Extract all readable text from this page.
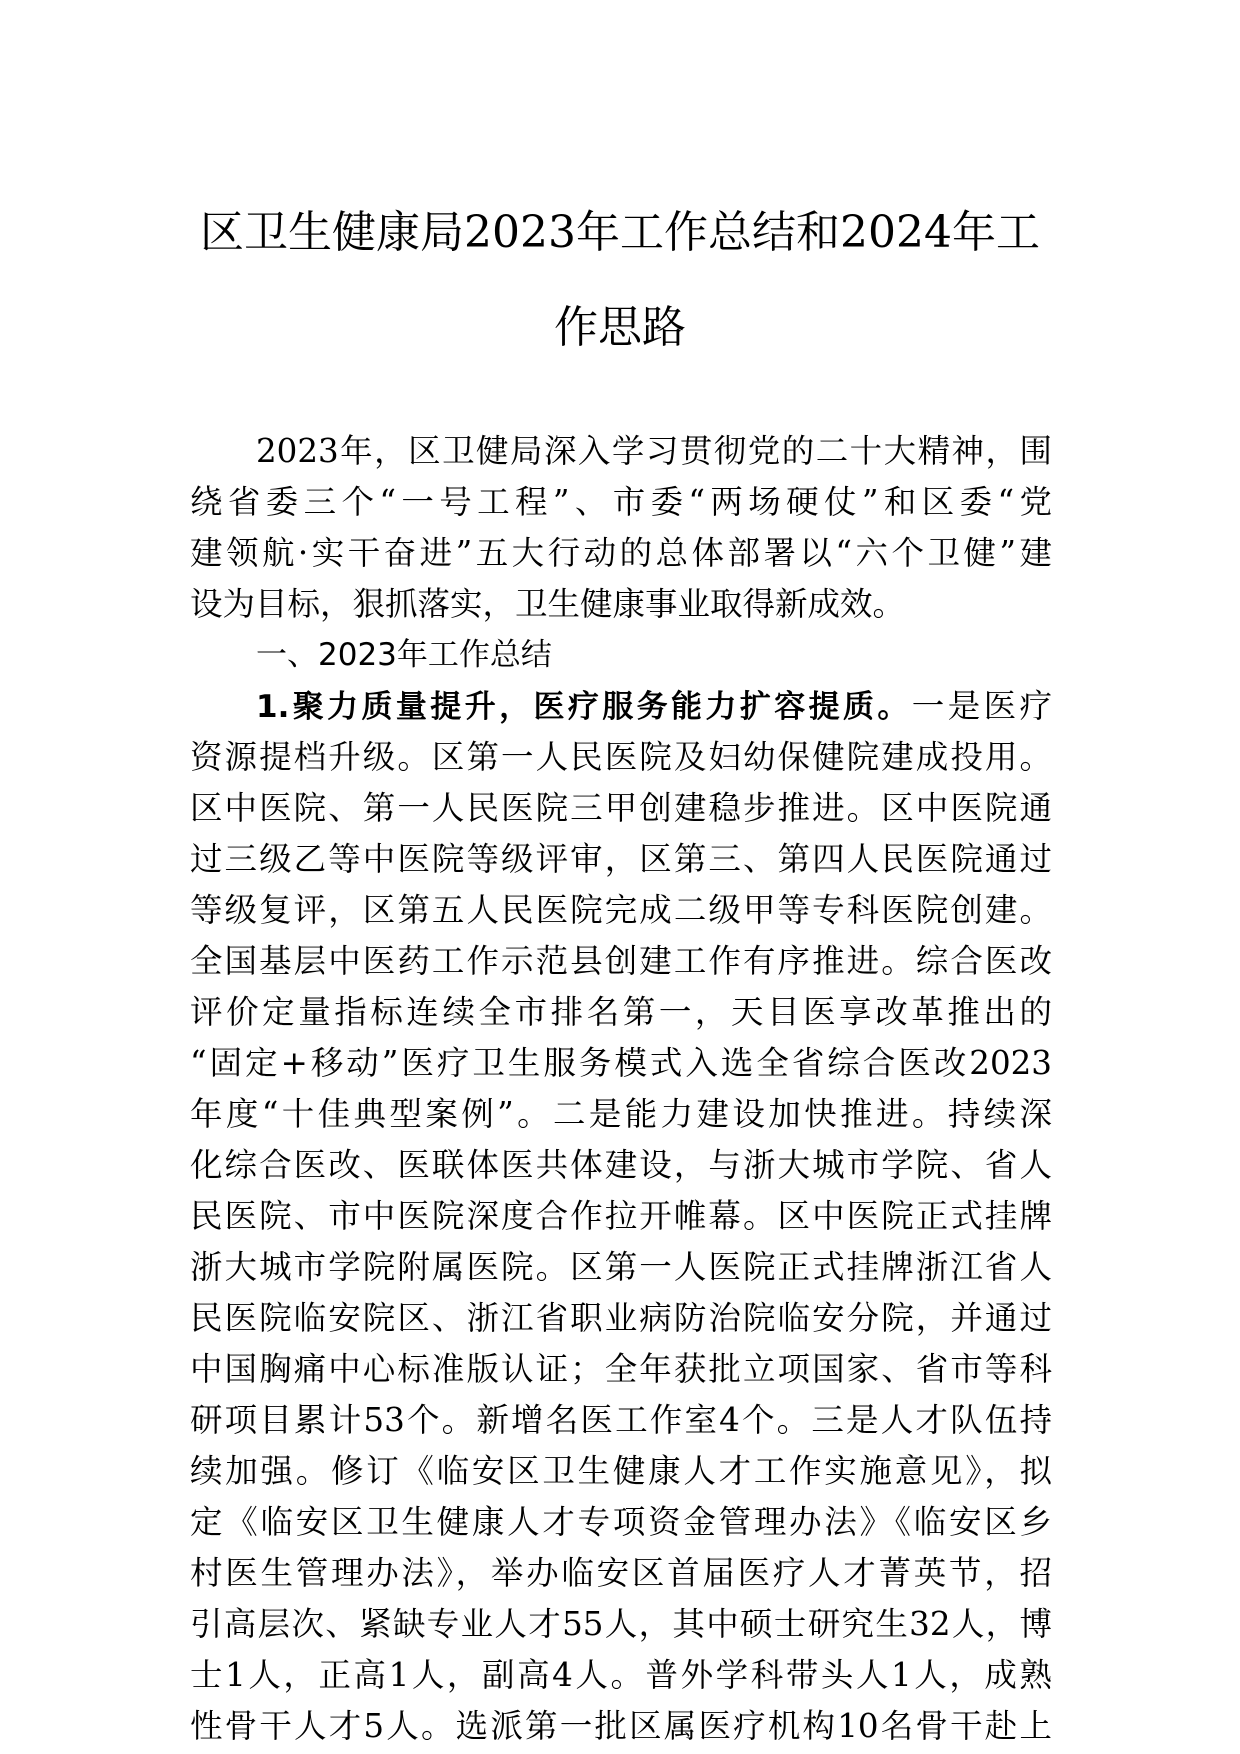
区卫生健康局2023年工作总结和2024年工
作思路
2023年，区卫健局深入学习贯彻党的二十大精神，围
绕省委三个“一号工程”、市委“两场硬仗”和区委“党
建领航·实干奋进”五大行动的总体部署以“六个卫健”建
设为目标，狠抓落实，卫生健康事业取得新成效。
一、2023年工作总结
1.聚力质量提升，医疗服务能力扩容提质。一是医疗
资源提档升级。区第一人民医院及妇幼保健院建成投用。
区中医院、第一人民医院三甲创建稳步推进。区中医院通
过三级乙等中医院等级评审，区第三、第四人民医院通过
等级复评，区第五人民医院完成二级甲等专科医院创建。
全国基层中医药工作示范县创建工作有序推进。综合医改
评价定量指标连续全市排名第一，天目医享改革推出的
“固定+移动”医疗卫生服务模式入选全省综合医改2023
年度“十佳典型案例”。二是能力建设加快推进。持续深
化综合医改、医联体医共体建设，与浙大城市学院、省人
民医院、市中医院深度合作拉开帷幕。区中医院正式挂牌
浙大城市学院附属医院。区第一人医院正式挂牌浙江省人
民医院临安院区、浙江省职业病防治院临安分院，并通过
中国胸痛中心标准版认证；全年获批立项国家、省市等科
研项目累计53个。新增名医工作室4个。三是人才队伍持
续加强。修订《临安区卫生健康人才工作实施意见》，拟
定《临安区卫生健康人才专项资金管理办法》《临安区乡
村医生管理办法》，举办临安区首届医疗人才菁英节，招
引高层次、紧缺专业人才55人，其中硕士研究生32人，博
士1人，正高1人，副高4人。普外学科带头人1人，成熟
性骨干人才5人。选派第一批区属医疗机构10名骨干赴上
